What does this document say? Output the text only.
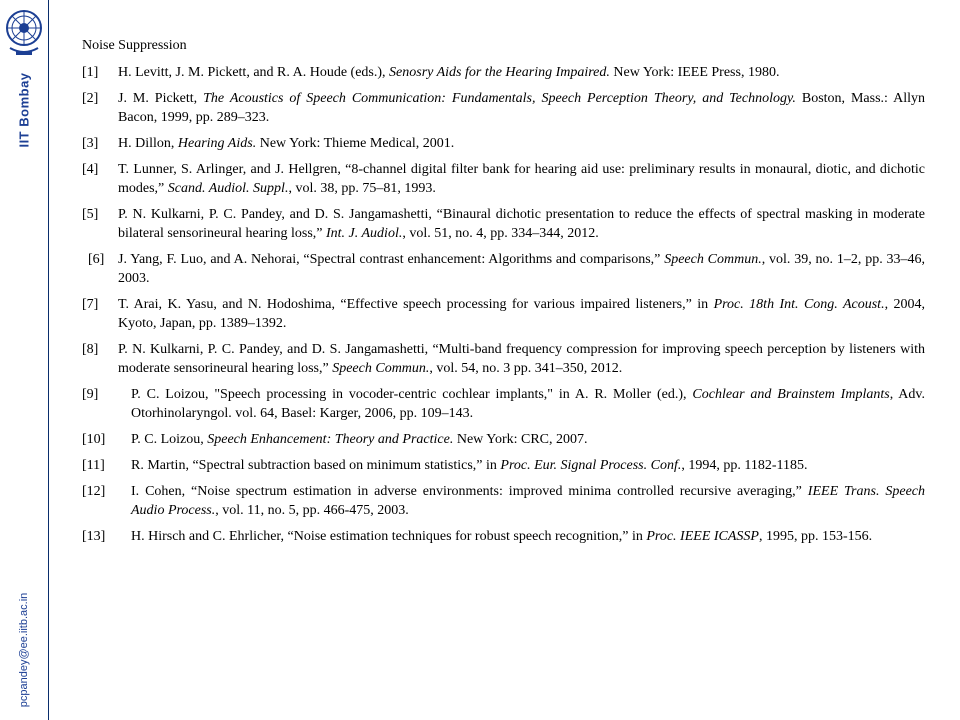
IIT Bombay
pcpandey@ee.iitb.ac.in
Noise Suppression
[1] H. Levitt, J. M. Pickett, and R. A. Houde (eds.), Senosry Aids for the Hearing Impaired. New York: IEEE Press, 1980.
[2] J. M. Pickett, The Acoustics of Speech Communication: Fundamentals, Speech Perception Theory, and Technology. Boston, Mass.: Allyn Bacon, 1999, pp. 289–323.
[3] H. Dillon, Hearing Aids. New York: Thieme Medical, 2001.
[4] T. Lunner, S. Arlinger, and J. Hellgren, “8-channel digital filter bank for hearing aid use: preliminary results in monaural, diotic, and dichotic modes,” Scand. Audiol. Suppl., vol. 38, pp. 75–81, 1993.
[5] P. N. Kulkarni, P. C. Pandey, and D. S. Jangamashetti, “Binaural dichotic presentation to reduce the effects of spectral masking in moderate bilateral sensorineural hearing loss,” Int. J. Audiol., vol. 51, no. 4, pp. 334–344, 2012.
[6] J. Yang, F. Luo, and A. Nehorai, “Spectral contrast enhancement: Algorithms and comparisons,” Speech Commun., vol. 39, no. 1–2, pp. 33–46, 2003.
[7] T. Arai, K. Yasu, and N. Hodoshima, “Effective speech processing for various impaired listeners,” in Proc. 18th Int. Cong. Acoust., 2004, Kyoto, Japan, pp. 1389–1392.
[8] P. N. Kulkarni, P. C. Pandey, and D. S. Jangamashetti, “Multi-band frequency compression for improving speech perception by listeners with moderate sensorineural hearing loss,” Speech Commun., vol. 54, no. 3 pp. 341–350, 2012.
[9] P. C. Loizou, "Speech processing in vocoder-centric cochlear implants," in A. R. Moller (ed.), Cochlear and Brainstem Implants, Adv. Otorhinolaryngol. vol. 64, Basel: Karger, 2006, pp. 109–143.
[10] P. C. Loizou, Speech Enhancement: Theory and Practice. New York: CRC, 2007.
[11] R. Martin, “Spectral subtraction based on minimum statistics,” in Proc. Eur. Signal Process. Conf., 1994, pp. 1182-1185.
[12] I. Cohen, “Noise spectrum estimation in adverse environments: improved minima controlled recursive averaging,” IEEE Trans. Speech Audio Process., vol. 11, no. 5, pp. 466-475, 2003.
[13] H. Hirsch and C. Ehrlicher, “Noise estimation techniques for robust speech recognition,” in Proc. IEEE ICASSP, 1995, pp. 153-156.
